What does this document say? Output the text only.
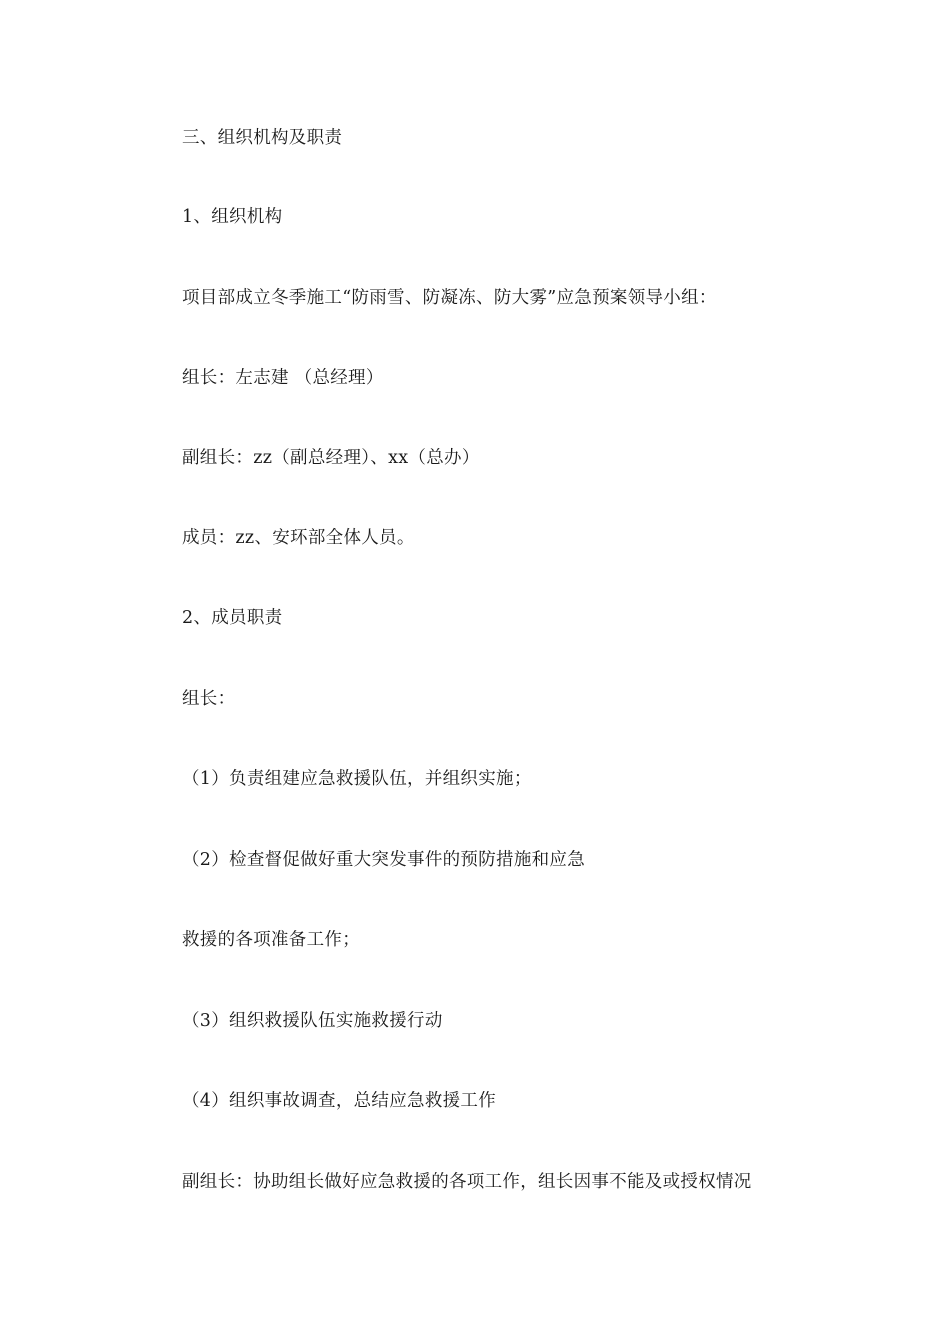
三、组织机构及职责
1、组织机构
项目部成立冬季施工“防雨雪、防凝冻、防大雾”应急预案领导小组：
组长：左志建 （总经理）
副组长：zz（副总经理）、xx（总办）
成员：zz、安环部全体人员。
2、成员职责
组长：
（1）负责组建应急救援队伍，并组织实施；
（2）检查督促做好重大突发事件的预防措施和应急
救援的各项准备工作；
（3）组织救援队伍实施救援行动
（4）组织事故调查，总结应急救援工作
副组长：协助组长做好应急救援的各项工作，组长因事不能及或授权情况
